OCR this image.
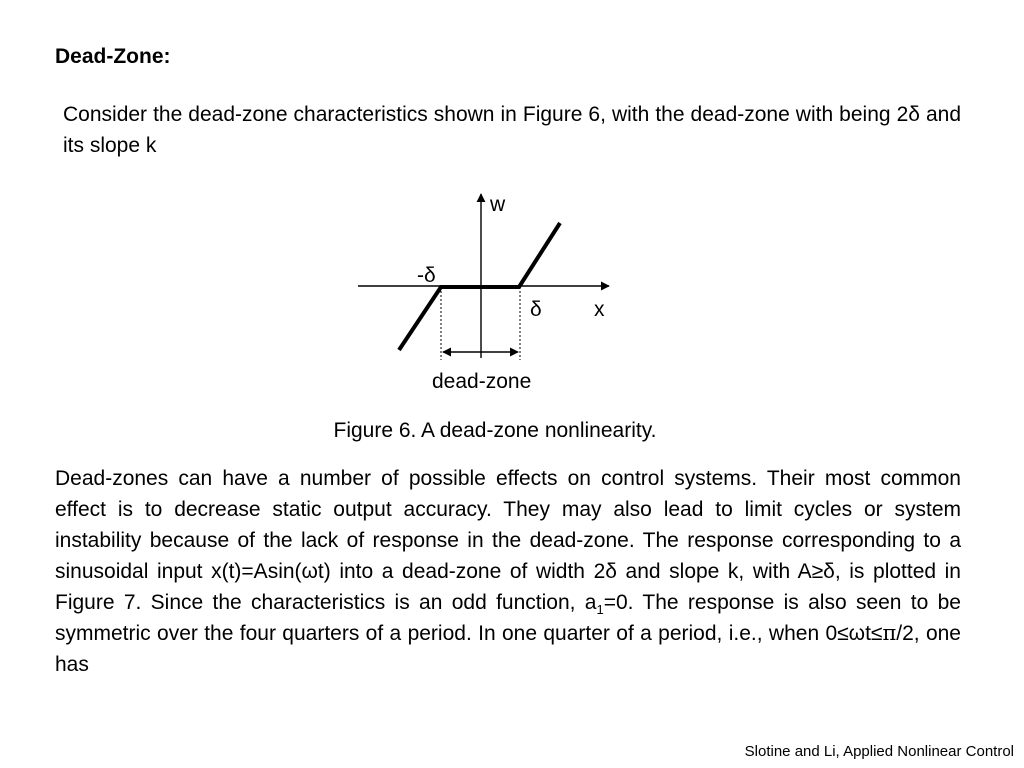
Dead-Zone:

Consider the dead-zone characteristics shown in Figure 6, with the dead-zone with being 2δ and its slope k

w
x
-δ
δ
dead-zone

Figure 6. A dead-zone nonlinearity.

Dead-zones can have a number of possible effects on control systems. Their most common effect is to decrease static output accuracy. They may also lead to limit cycles or system instability because of the lack of response in the dead-zone. The response corresponding to a sinusoidal input x(t)=Asin(ωt) into a dead-zone of width 2δ and slope k, with A≥δ, is plotted in Figure 7. Since the characteristics is an odd function, $a_1=0$. The response is also seen to be symmetric over the four quarters of a period. In one quarter of a period, i.e., when 0≤ωt≤π/2, one has

Slotine and Li, Applied Nonlinear Control
